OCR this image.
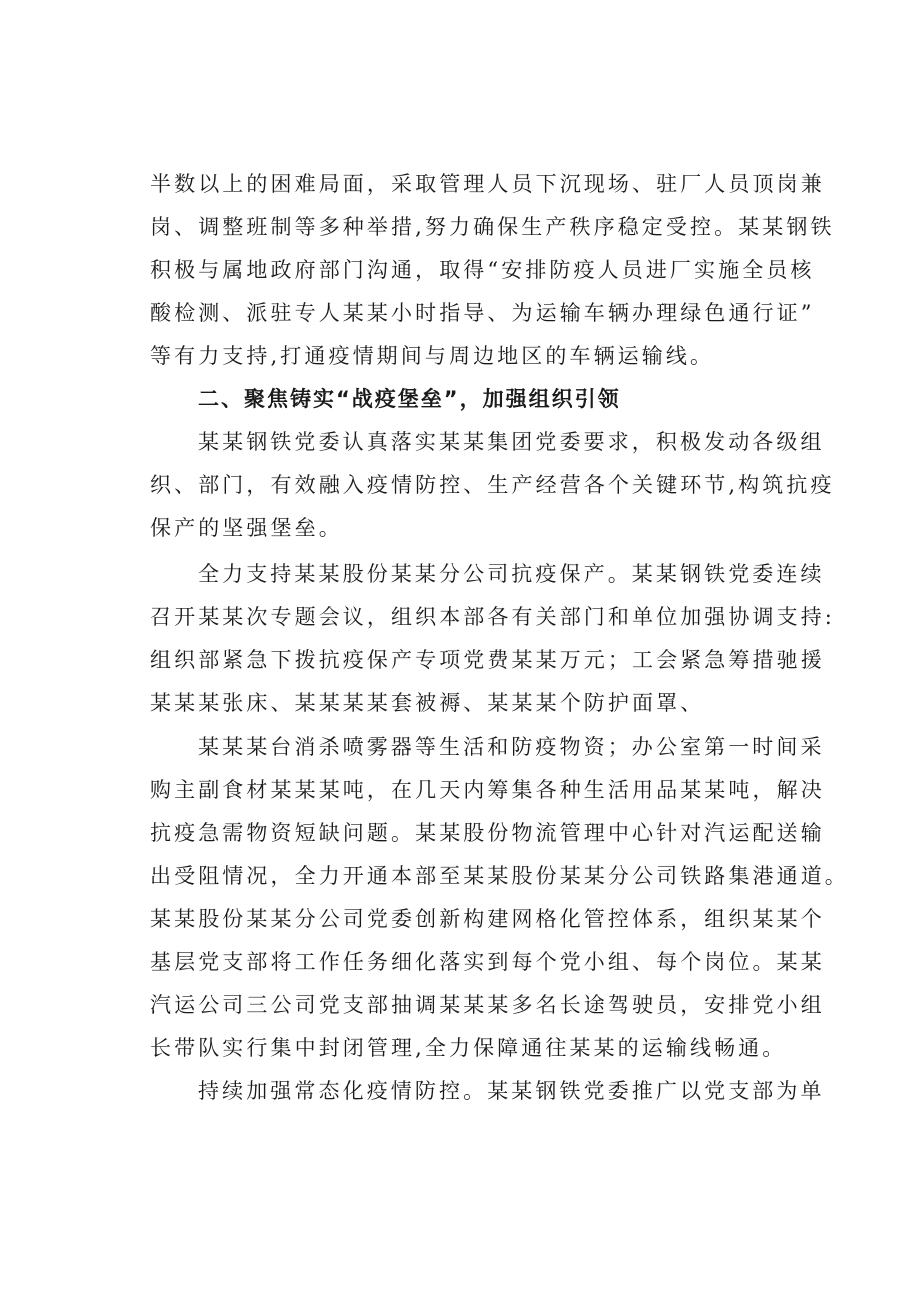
半数以上的困难局面，采取管理人员下沉现场、驻厂人员顶岗兼
岗、调整班制等多种举措,努力确保生产秩序稳定受控。某某钢铁
积极与属地政府部门沟通，取得“安排防疫人员进厂实施全员核
酸检测、派驻专人某某小时指导、为运输车辆办理绿色通行证”
等有力支持,打通疫情期间与周边地区的车辆运输线。
二、聚焦铸实“战疫堡垒”，加强组织引领
某某钢铁党委认真落实某某集团党委要求，积极发动各级组
织、部门，有效融入疫情防控、生产经营各个关键环节,构筑抗疫
保产的坚强堡垒。
全力支持某某股份某某分公司抗疫保产。某某钢铁党委连续
召开某某次专题会议，组织本部各有关部门和单位加强协调支持:
组织部紧急下拨抗疫保产专项党费某某万元；工会紧急筹措驰援
某某某张床、某某某某套被褥、某某某个防护面罩、
某某某台消杀喷雾器等生活和防疫物资；办公室第一时间采
购主副食材某某某吨，在几天内筹集各种生活用品某某吨，解决
抗疫急需物资短缺问题。某某股份物流管理中心针对汽运配送输
出受阻情况，全力开通本部至某某股份某某分公司铁路集港通道。
某某股份某某分公司党委创新构建网格化管控体系，组织某某个
基层党支部将工作任务细化落实到每个党小组、每个岗位。某某
汽运公司三公司党支部抽调某某某多名长途驾驶员，安排党小组
长带队实行集中封闭管理,全力保障通往某某的运输线畅通。
持续加强常态化疫情防控。某某钢铁党委推广以党支部为单
